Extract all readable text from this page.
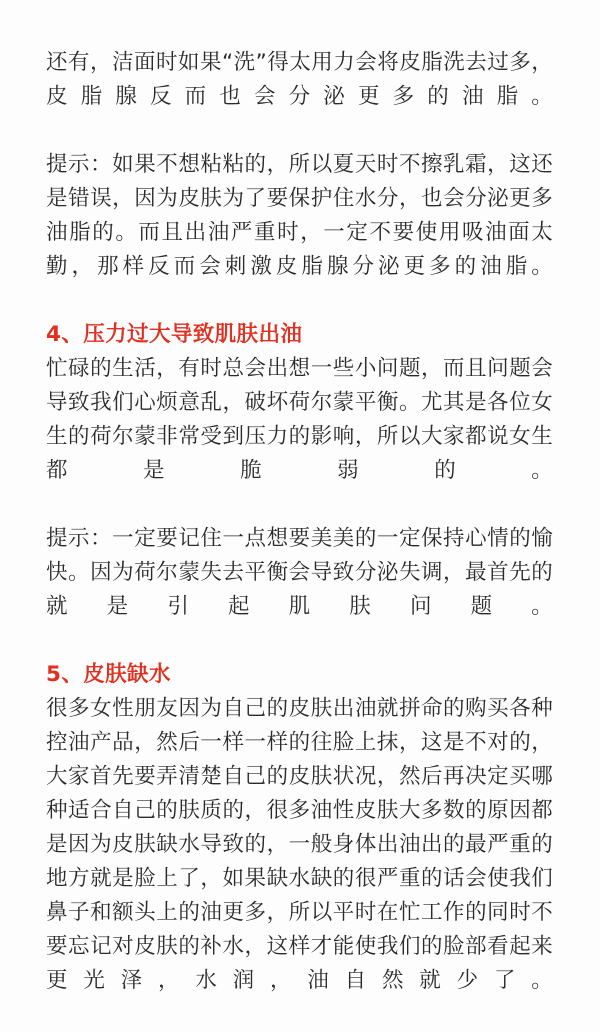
还有，洁面时如果“洗”得太用力会将皮脂洗去过多，皮脂腺反而也会分泌更多的油脂。

提示：如果不想粘粘的，所以夏天时不擦乳霜，这还是错误，因为皮肤为了要保护住水分，也会分泌更多油脂的。而且出油严重时，一定不要使用吸油面太勤，那样反而会刺激皮脂腺分泌更多的油脂。

4、压力过大导致肌肤出油

忙碌的生活，有时总会出想一些小问题，而且问题会导致我们心烦意乱，破坏荷尔蒙平衡。尤其是各位女生的荷尔蒙非常受到压力的影响，所以大家都说女生都是脆弱的。

提示：一定要记住一点想要美美的一定保持心情的愉快。因为荷尔蒙失去平衡会导致分泌失调，最首先的就是引起肌肤问题。

5、皮肤缺水

很多女性朋友因为自己的皮肤出油就拼命的购买各种控油产品，然后一样一样的往脸上抹，这是不对的，大家首先要弄清楚自己的皮肤状况，然后再决定买哪种适合自己的肤质的，很多油性皮肤大多数的原因都是因为皮肤缺水导致的，一般身体出油出的最严重的地方就是脸上了，如果缺水缺的很严重的话会使我们鼻子和额头上的油更多，所以平时在忙工作的同时不要忘记对皮肤的补水，这样才能使我们的脸部看起来更光泽，水润，油自然就少了。
